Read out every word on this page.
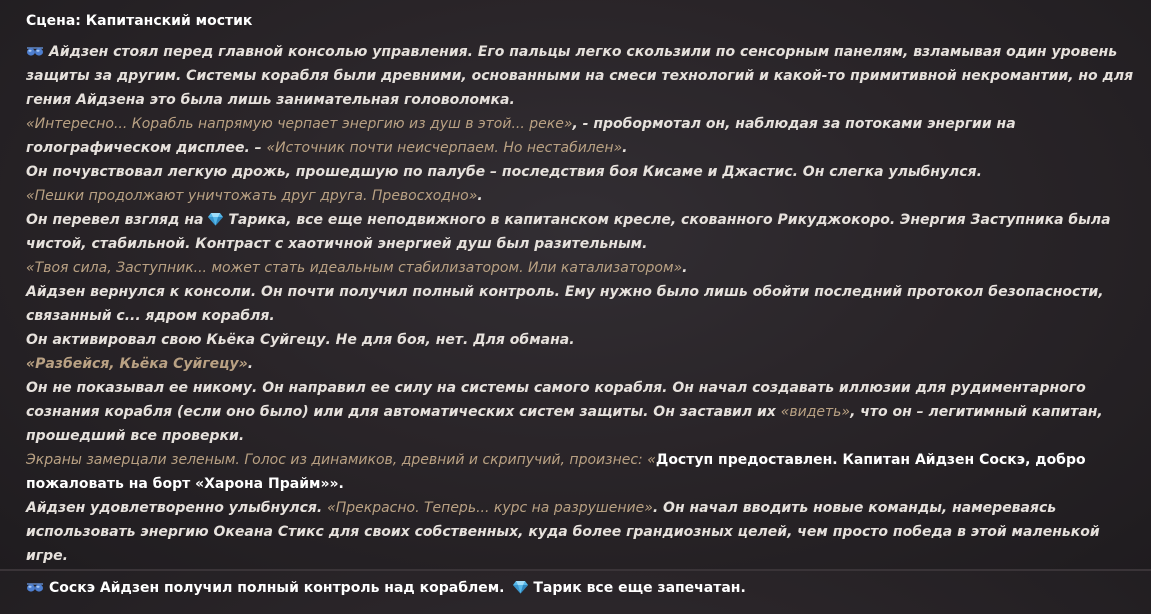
Сцена: Капитанский мостик

Айдзен стоял перед главной консолью управления. Его пальцы легко скользили по сенсорным панелям, взламывая один уровень защиты за другим. Системы корабля были древними, основанными на смеси технологий и какой-то примитивной некромантии, но для гения Айдзена это была лишь занимательная головоломка.

«Интересно... Корабль напрямую черпает энергию из душ в этой... реке», - пробормотал он, наблюдая за потоками энергии на голографическом дисплее. – «Источник почти неисчерпаем. Но нестабилен».

Он почувствовал легкую дрожь, прошедшую по палубе – последствия боя Кисаме и Джастис. Он слегка улыбнулся.

«Пешки продолжают уничтожать друг друга. Превосходно».

Он перевел взгляд на Тарика, все еще неподвижного в капитанском кресле, скованного Рикуджокоро. Энергия Заступника была чистой, стабильной. Контраст с хаотичной энергией душ был разительным.

«Твоя сила, Заступник... может стать идеальным стабилизатором. Или катализатором».

Айдзен вернулся к консоли. Он почти получил полный контроль. Ему нужно было лишь обойти последний протокол безопасности, связанный с... ядром корабля.

Он активировал свою Кьёка Суйгецу. Не для боя, нет. Для обмана.

«Разбейся, Кьёка Суйгецу».

Он не показывал ее никому. Он направил ее силу на системы самого корабля. Он начал создавать иллюзии для рудиментарного сознания корабля (если оно было) или для автоматических систем защиты. Он заставил их «видеть», что он – легитимный капитан, прошедший все проверки.

Экраны замерцали зеленым. Голос из динамиков, древний и скрипучий, произнес: «Доступ предоставлен. Капитан Айдзен Соскэ, добро пожаловать на борт «Харона Прайм»».

Айдзен удовлетворенно улыбнулся. «Прекрасно. Теперь... курс на разрушение». Он начал вводить новые команды, намереваясь использовать энергию Океана Стикс для своих собственных, куда более грандиозных целей, чем просто победа в этой маленькой игре.

Соскэ Айдзен получил полный контроль над кораблем. Тарик все еще запечатан.
